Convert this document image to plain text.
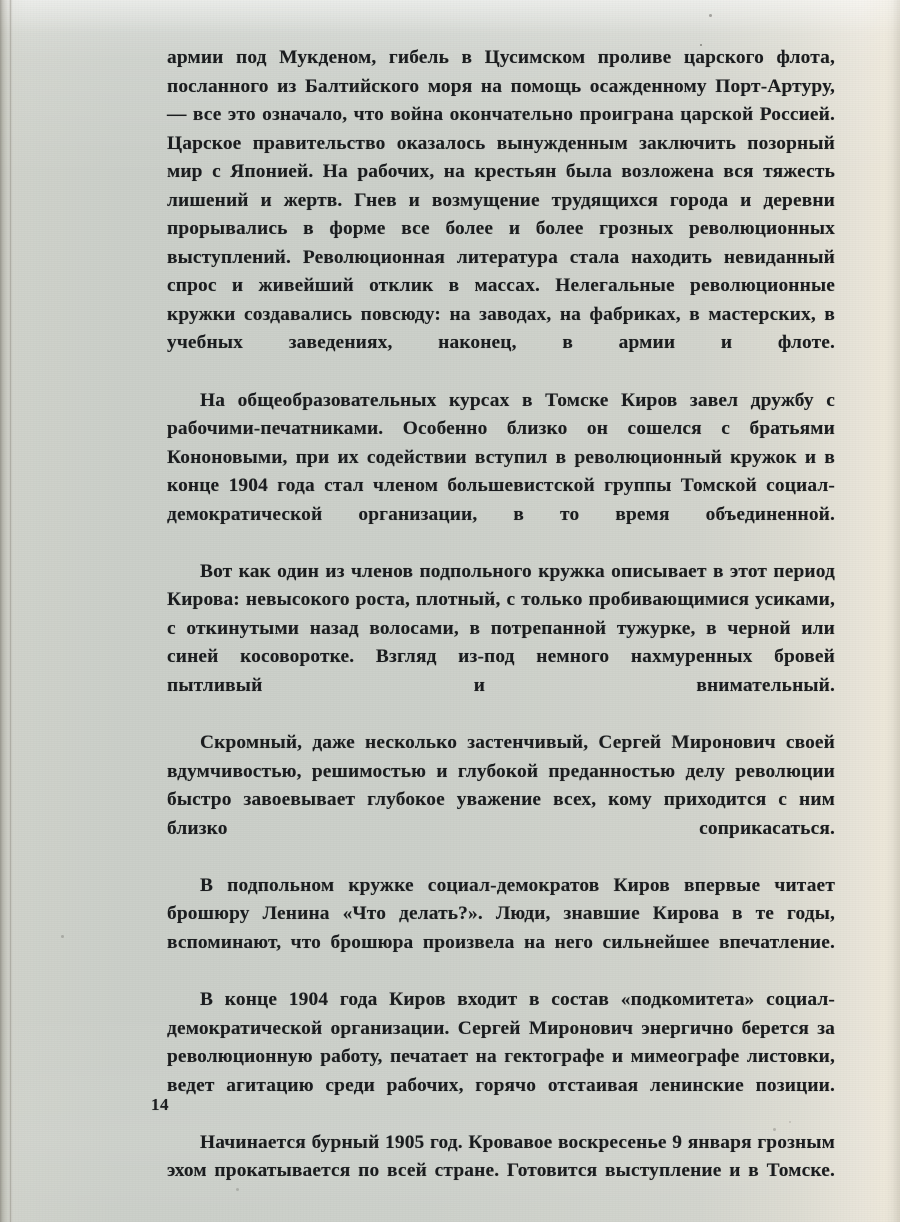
армии под Мукденом, гибель в Цусимском проливе царского флота, посланного из Балтийского моря на помощь осажденному Порт-Артуру, — все это означало, что война окончательно проиграна царской Россией. Царское правительство оказалось вынужденным заключить позорный мир с Японией. На рабочих, на крестьян была возложена вся тяжесть лишений и жертв. Гнев и возмущение трудящихся города и деревни прорывались в форме все более и более грозных революционных выступлений. Революционная литература стала находить невиданный спрос и живейший отклик в массах. Нелегальные революционные кружки создавались повсюду: на заводах, на фабриках, в мастерских, в учебных заведениях, наконец, в армии и флоте.

На общеобразовательных курсах в Томске Киров завел дружбу с рабочими-печатниками. Особенно близко он сошелся с братьями Кононовыми, при их содействии вступил в революционный кружок и в конце 1904 года стал членом большевистской группы Томской социал-демократической организации, в то время объединенной.

Вот как один из членов подпольного кружка описывает в этот период Кирова: невысокого роста, плотный, с только пробивающимися усиками, с откинутыми назад волосами, в потрепанной тужурке, в черной или синей косоворотке. Взгляд из-под немного нахмуренных бровей пытливый и внимательный.

Скромный, даже несколько застенчивый, Сергей Миронович своей вдумчивостью, решимостью и глубокой преданностью делу революции быстро завоевывает глубокое уважение всех, кому приходится с ним близко соприкасаться.

В подпольном кружке социал-демократов Киров впервые читает брошюру Ленина «Что делать?». Люди, знавшие Кирова в те годы, вспоминают, что брошюра произвела на него сильнейшее впечатление.

В конце 1904 года Киров входит в состав «подкомитета» социал-демократической организации. Сергей Миронович энергично берется за революционную работу, печатает на гектографе и мимеографе листовки, ведет агитацию среди рабочих, горячо отстаивая ленинские позиции.

Начинается бурный 1905 год. Кровавое воскресенье 9 января грозным эхом прокатывается по всей стране. Готовится выступление и в Томске.

14
